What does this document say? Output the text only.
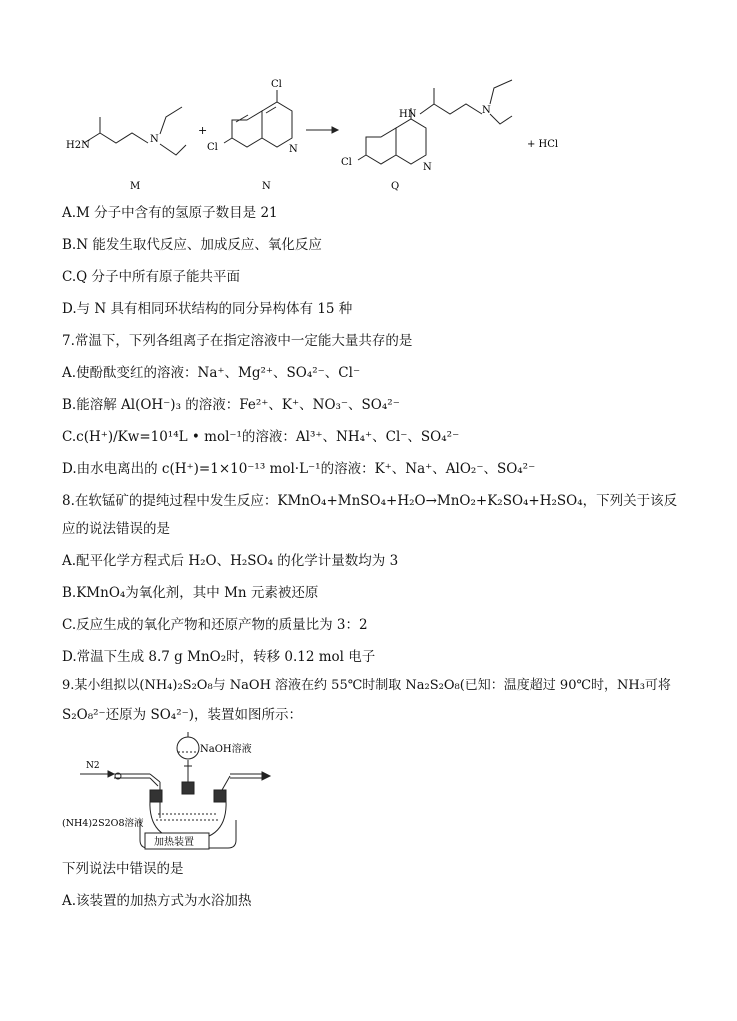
H2N
N
M
+
Cl
Cl	N
N
HN	N
Cl	N
Q
+ HCl
A.M 分子中含有的氢原子数目是 21
B.N 能发生取代反应、加成反应、氧化反应
C.Q 分子中所有原子能共平面
D.与 N 具有相同环状结构的同分异构体有 15 种
7.常温下，下列各组离子在指定溶液中一定能大量共存的是
A.使酚酞变红的溶液：Na⁺、Mg²⁺、SO₄²⁻、Cl⁻
B.能溶解 Al(OH⁻)₃ 的溶液：Fe²⁺、K⁺、NO₃⁻、SO₄²⁻
C.c(H⁺)/Kw=10¹⁴L • mol⁻¹的溶液：Al³⁺、NH₄⁺、Cl⁻、SO₄²⁻
D.由水电离出的 c(H⁺)=1×10⁻¹³ mol·L⁻¹的溶液：K⁺、Na⁺、AlO₂⁻、SO₄²⁻
8.在软锰矿的提纯过程中发生反应：KMnO₄+MnSO₄+H₂O→MnO₂+K₂SO₄+H₂SO₄，下列关于该反
应的说法错误的是
A.配平化学方程式后 H₂O、H₂SO₄ 的化学计量数均为 3
B.KMnO₄为氧化剂，其中 Mn 元素被还原
C.反应生成的氧化产物和还原产物的质量比为 3：2
D.常温下生成 8.7 g MnO₂时，转移 0.12 mol 电子
9.某小组拟以(NH₄)₂S₂O₈与 NaOH 溶液在约 55℃时制取 Na₂S₂O₈(已知：温度超过 90℃时，NH₃可将
S₂O₈²⁻还原为 SO₄²⁻)，装置如图所示：
N2
NaOH溶液
(NH4)2S2O8溶液
加热装置
下列说法中错误的是
A.该装置的加热方式为水浴加热
